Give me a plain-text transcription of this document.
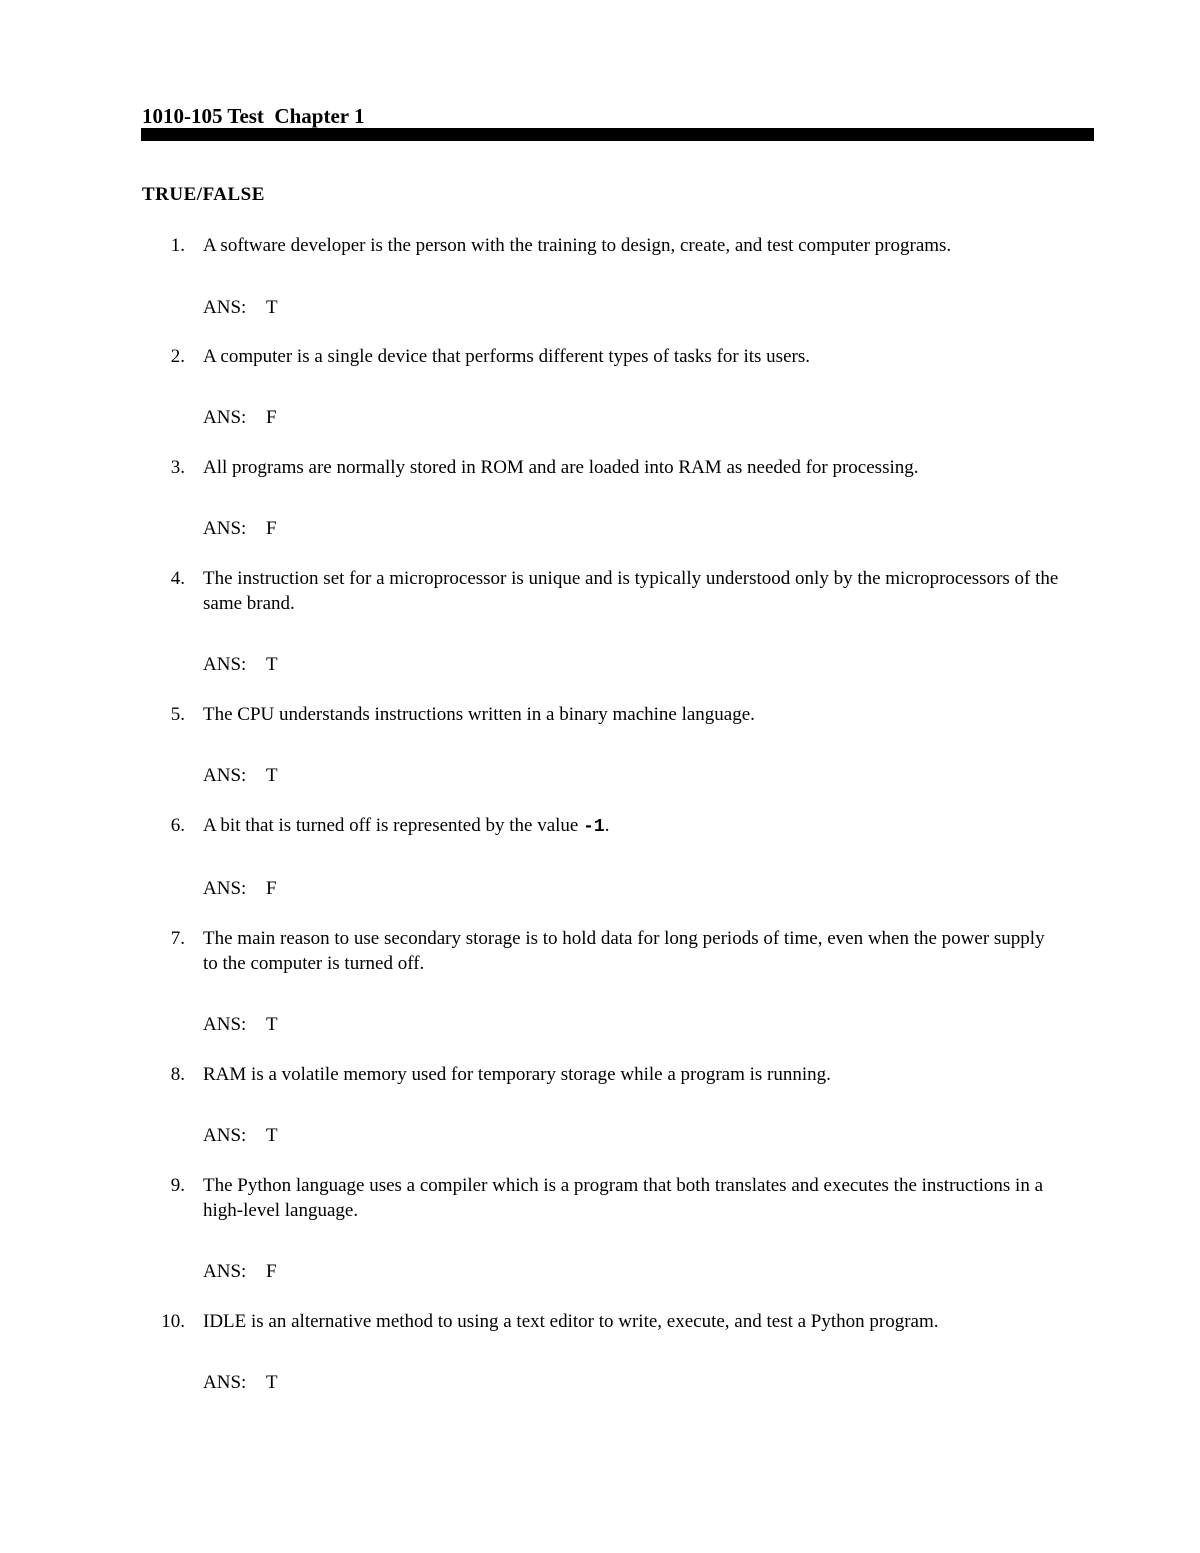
1010-105 Test  Chapter 1
TRUE/FALSE
1. A software developer is the person with the training to design, create, and test computer programs.
ANS: T
2. A computer is a single device that performs different types of tasks for its users.
ANS: F
3. All programs are normally stored in ROM and are loaded into RAM as needed for processing.
ANS: F
4. The instruction set for a microprocessor is unique and is typically understood only by the microprocessors of the same brand.
ANS: T
5. The CPU understands instructions written in a binary machine language.
ANS: T
6. A bit that is turned off is represented by the value -1.
ANS: F
7. The main reason to use secondary storage is to hold data for long periods of time, even when the power supply to the computer is turned off.
ANS: T
8. RAM is a volatile memory used for temporary storage while a program is running.
ANS: T
9. The Python language uses a compiler which is a program that both translates and executes the instructions in a high-level language.
ANS: F
10. IDLE is an alternative method to using a text editor to write, execute, and test a Python program.
ANS: T
